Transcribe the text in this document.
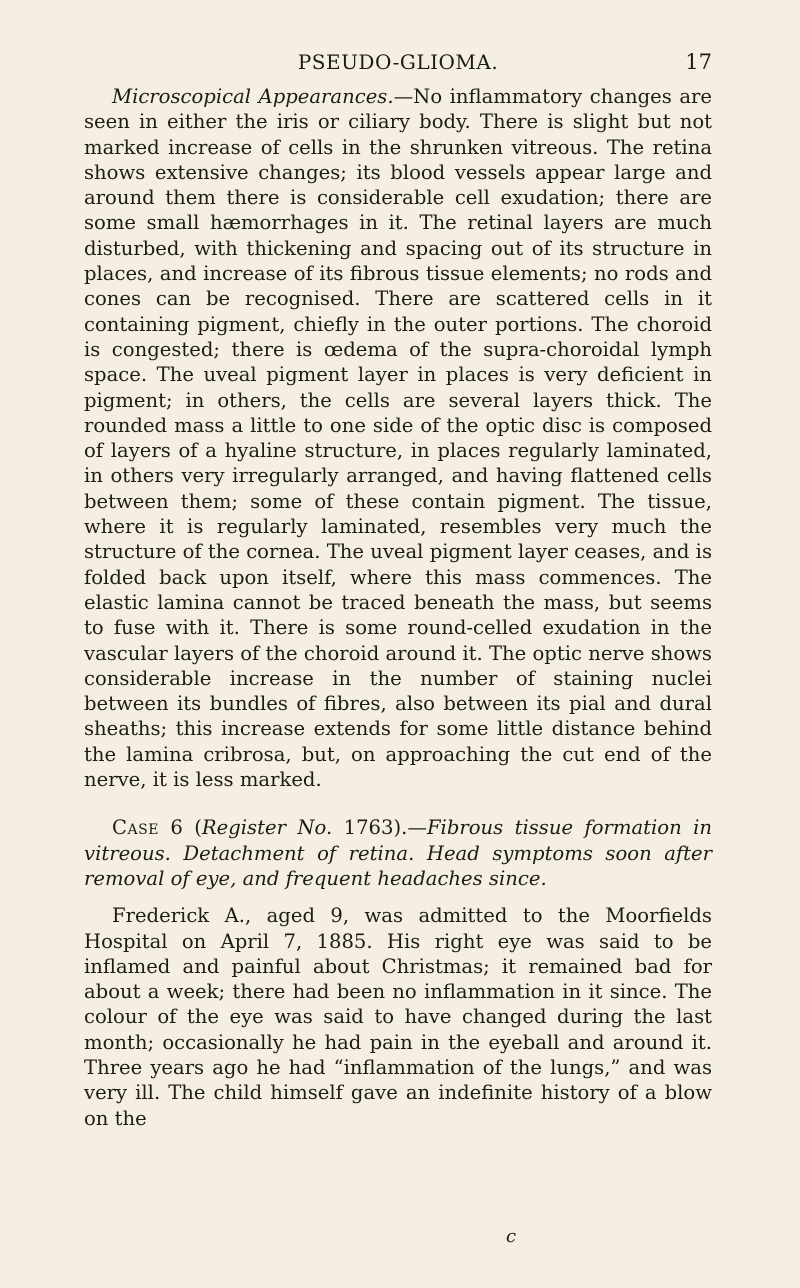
PSEUDO-GLIOMA.	17

Microscopical Appearances.—No inflammatory changes are seen in either the iris or ciliary body. There is slight but not marked increase of cells in the shrunken vitreous. The retina shows extensive changes; its blood vessels appear large and around them there is considerable cell exudation; there are some small hæmorrhages in it. The retinal layers are much disturbed, with thickening and spacing out of its structure in places, and increase of its fibrous tissue elements; no rods and cones can be recognised. There are scattered cells in it containing pigment, chiefly in the outer portions. The choroid is congested; there is œdema of the supra-choroidal lymph space. The uveal pigment layer in places is very deficient in pigment; in others, the cells are several layers thick. The rounded mass a little to one side of the optic disc is composed of layers of a hyaline structure, in places regularly laminated, in others very irregularly arranged, and having flattened cells between them; some of these contain pigment. The tissue, where it is regularly laminated, resembles very much the structure of the cornea. The uveal pigment layer ceases, and is folded back upon itself, where this mass commences. The elastic lamina cannot be traced beneath the mass, but seems to fuse with it. There is some round-celled exudation in the vascular layers of the choroid around it. The optic nerve shows considerable increase in the number of staining nuclei between its bundles of fibres, also between its pial and dural sheaths; this increase extends for some little distance behind the lamina cribrosa, but, on approaching the cut end of the nerve, it is less marked.

Case 6 (Register No. 1763).—Fibrous tissue formation in vitreous. Detachment of retina. Head symptoms soon after removal of eye, and frequent headaches since.

Frederick A., aged 9, was admitted to the Moorfields Hospital on April 7, 1885. His right eye was said to be inflamed and painful about Christmas; it remained bad for about a week; there had been no inflammation in it since. The colour of the eye was said to have changed during the last month; occasionally he had pain in the eyeball and around it. Three years ago he had “inflammation of the lungs,” and was very ill. The child himself gave an indefinite history of a blow on the

c
